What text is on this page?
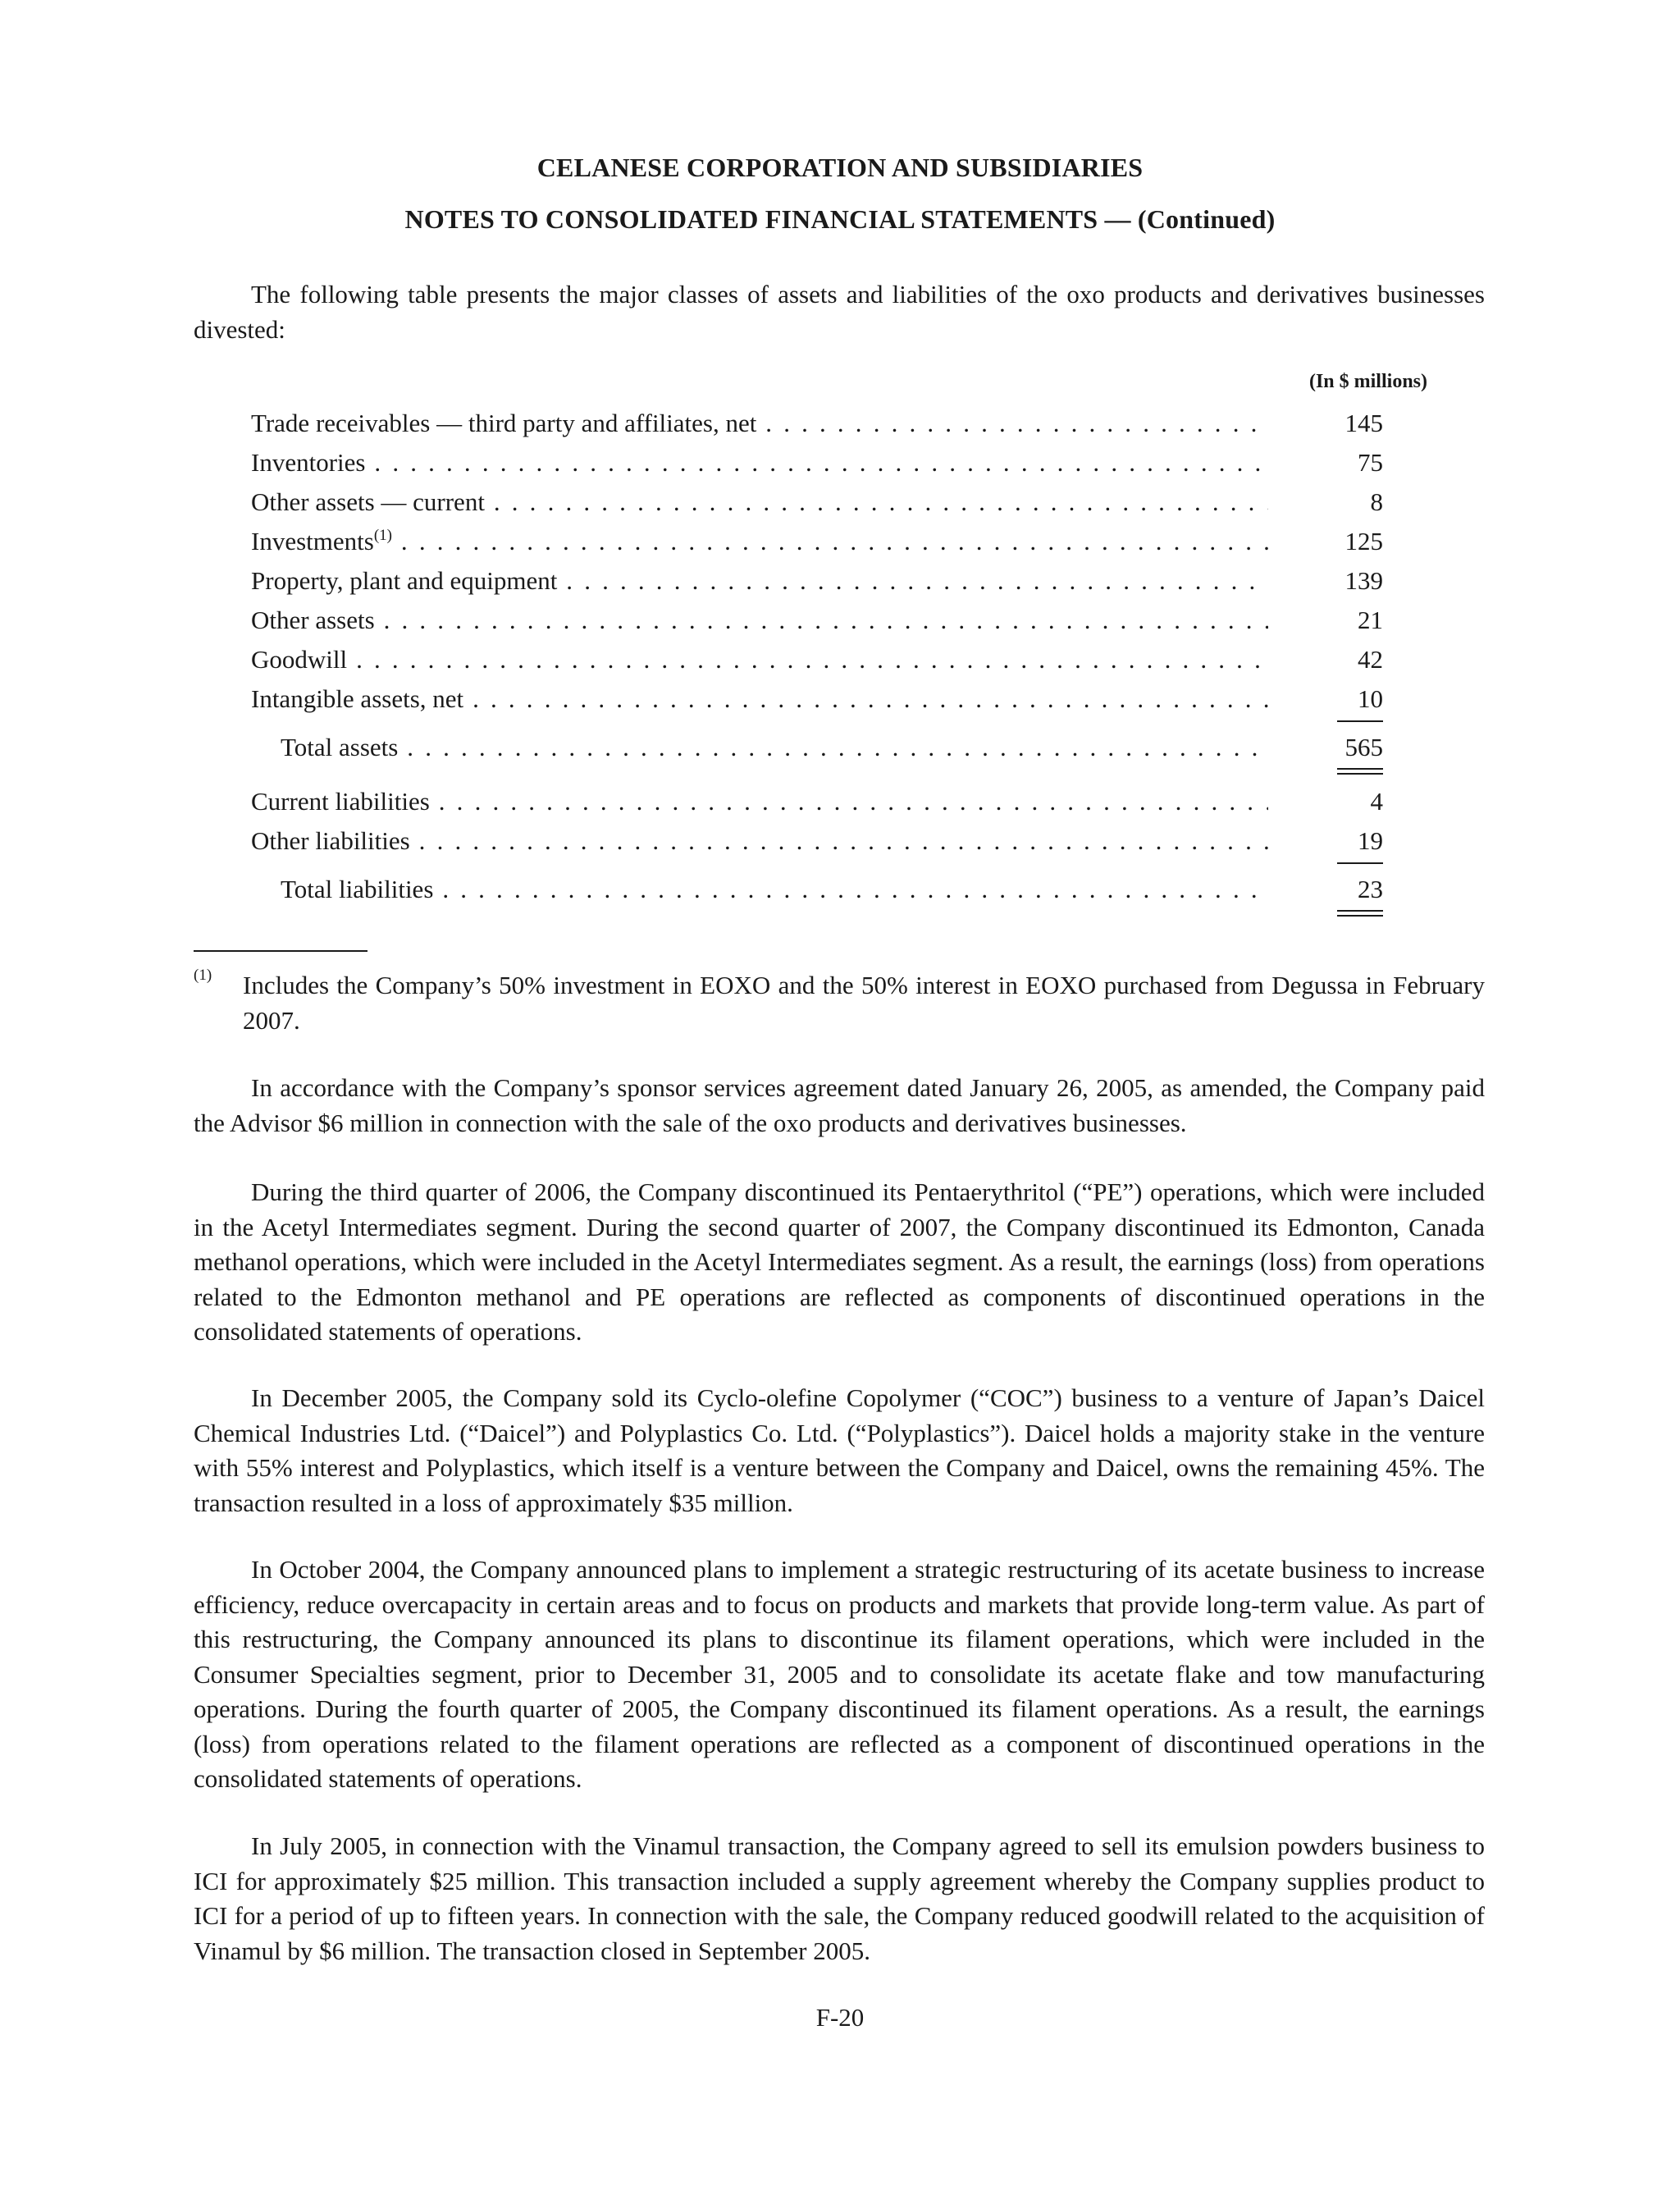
CELANESE CORPORATION AND SUBSIDIARIES
NOTES TO CONSOLIDATED FINANCIAL STATEMENTS — (Continued)

The following table presents the major classes of assets and liabilities of the oxo products and derivatives businesses divested:

(In $ millions)
Trade receivables — third party and affiliates, net . . .	145
Inventories . . .	75
Other assets — current . . .	8
Investments$^{(1)}$ . . .	125
Property, plant and equipment . . .	139
Other assets . . .	21
Goodwill . . .	42
Intangible assets, net . . .	10
Total assets . . .	565
Current liabilities . . .	4
Other liabilities . . .	19
Total liabilities . . .	23
(1) Includes the Company’s 50% investment in EOXO and the 50% interest in EOXO purchased from Degussa in February 2007.

In accordance with the Company’s sponsor services agreement dated January 26, 2005, as amended, the Company paid the Advisor $6 million in connection with the sale of the oxo products and derivatives businesses.

During the third quarter of 2006, the Company discontinued its Pentaerythritol (“PE”) operations, which were included in the Acetyl Intermediates segment. During the second quarter of 2007, the Company discontinued its Edmonton, Canada methanol operations, which were included in the Acetyl Intermediates segment. As a result, the earnings (loss) from operations related to the Edmonton methanol and PE operations are reflected as components of discontinued operations in the consolidated statements of operations.

In December 2005, the Company sold its Cyclo-olefine Copolymer (“COC”) business to a venture of Japan’s Daicel Chemical Industries Ltd. (“Daicel”) and Polyplastics Co. Ltd. (“Polyplastics”). Daicel holds a majority stake in the venture with 55% interest and Polyplastics, which itself is a venture between the Company and Daicel, owns the remaining 45%. The transaction resulted in a loss of approximately $35 million.

In October 2004, the Company announced plans to implement a strategic restructuring of its acetate business to increase efficiency, reduce overcapacity in certain areas and to focus on products and markets that provide long-term value. As part of this restructuring, the Company announced its plans to discontinue its filament operations, which were included in the Consumer Specialties segment, prior to December 31, 2005 and to consolidate its acetate flake and tow manufacturing operations. During the fourth quarter of 2005, the Company discontinued its filament operations. As a result, the earnings (loss) from operations related to the filament operations are reflected as a component of discontinued operations in the consolidated statements of operations.

In July 2005, in connection with the Vinamul transaction, the Company agreed to sell its emulsion powders business to ICI for approximately $25 million. This transaction included a supply agreement whereby the Company supplies product to ICI for a period of up to fifteen years. In connection with the sale, the Company reduced goodwill related to the acquisition of Vinamul by $6 million. The transaction closed in September 2005.

F-20
